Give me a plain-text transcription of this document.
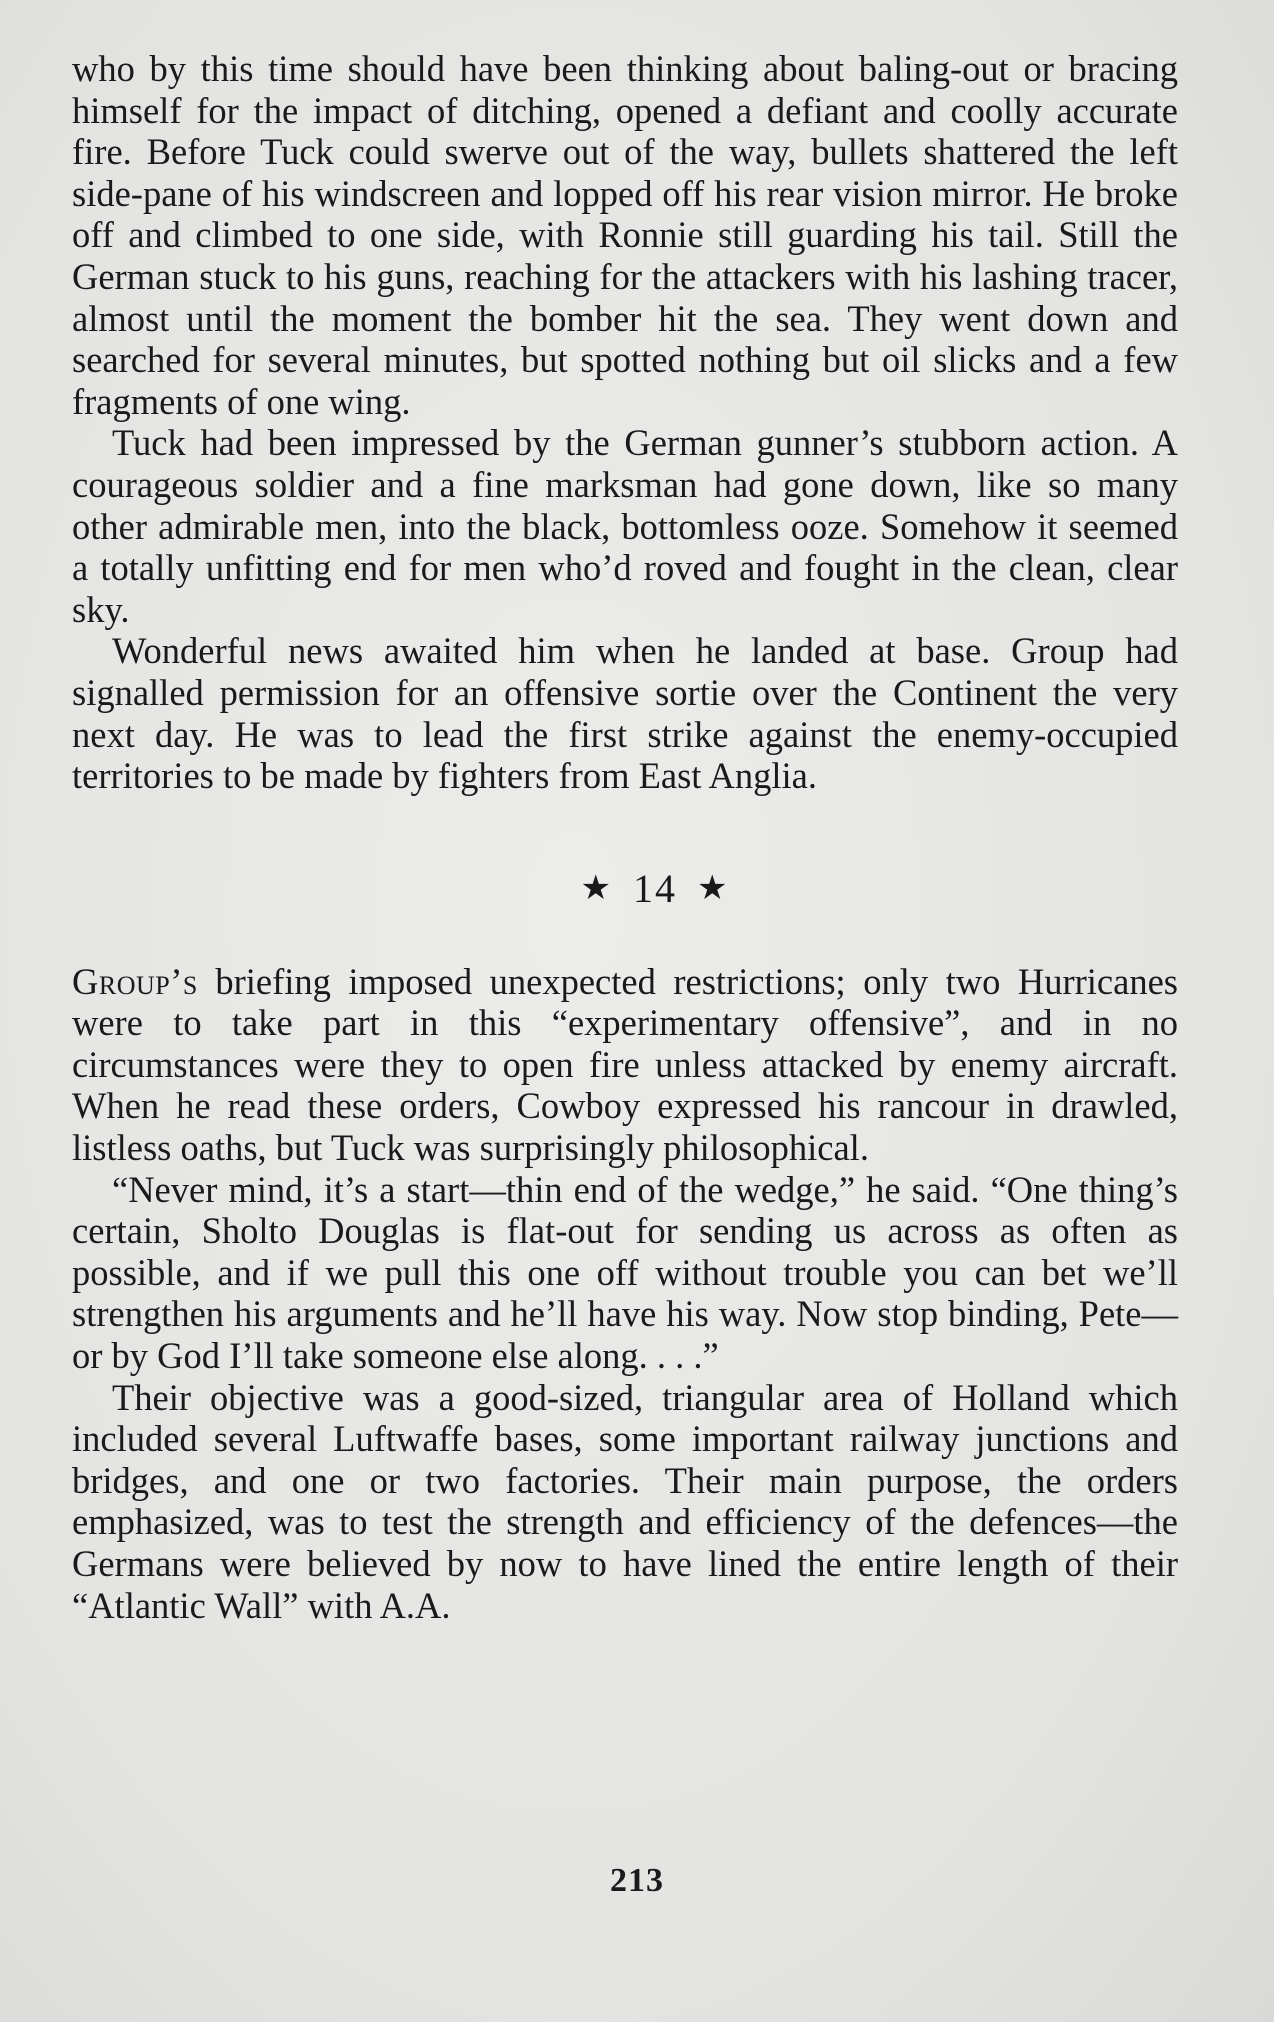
who by this time should have been thinking about baling-out or bracing himself for the impact of ditching, opened a defiant and coolly accurate fire. Before Tuck could swerve out of the way, bullets shattered the left side-pane of his windscreen and lopped off his rear vision mirror. He broke off and climbed to one side, with Ronnie still guarding his tail. Still the German stuck to his guns, reaching for the attackers with his lashing tracer, almost until the moment the bomber hit the sea. They went down and searched for several minutes, but spotted nothing but oil slicks and a few fragments of one wing.

Tuck had been impressed by the German gunner’s stubborn action. A courageous soldier and a fine marksman had gone down, like so many other admirable men, into the black, bottomless ooze. Somehow it seemed a totally unfitting end for men who’d roved and fought in the clean, clear sky.

Wonderful news awaited him when he landed at base. Group had signalled permission for an offensive sortie over the Continent the very next day. He was to lead the first strike against the enemy-occupied territories to be made by fighters from East Anglia.

★ 14 ★

Group’s briefing imposed unexpected restrictions; only two Hurricanes were to take part in this “experimentary offensive”, and in no circumstances were they to open fire unless attacked by enemy aircraft. When he read these orders, Cowboy expressed his rancour in drawled, listless oaths, but Tuck was surprisingly philosophical.

“Never mind, it’s a start—thin end of the wedge,” he said. “One thing’s certain, Sholto Douglas is flat-out for sending us across as often as possible, and if we pull this one off without trouble you can bet we’ll strengthen his arguments and he’ll have his way. Now stop binding, Pete—or by God I’ll take someone else along. . . .”

Their objective was a good-sized, triangular area of Holland which included several Luftwaffe bases, some important railway junctions and bridges, and one or two factories. Their main purpose, the orders emphasized, was to test the strength and efficiency of the defences—the Germans were believed by now to have lined the entire length of their “Atlantic Wall” with A.A.

213
